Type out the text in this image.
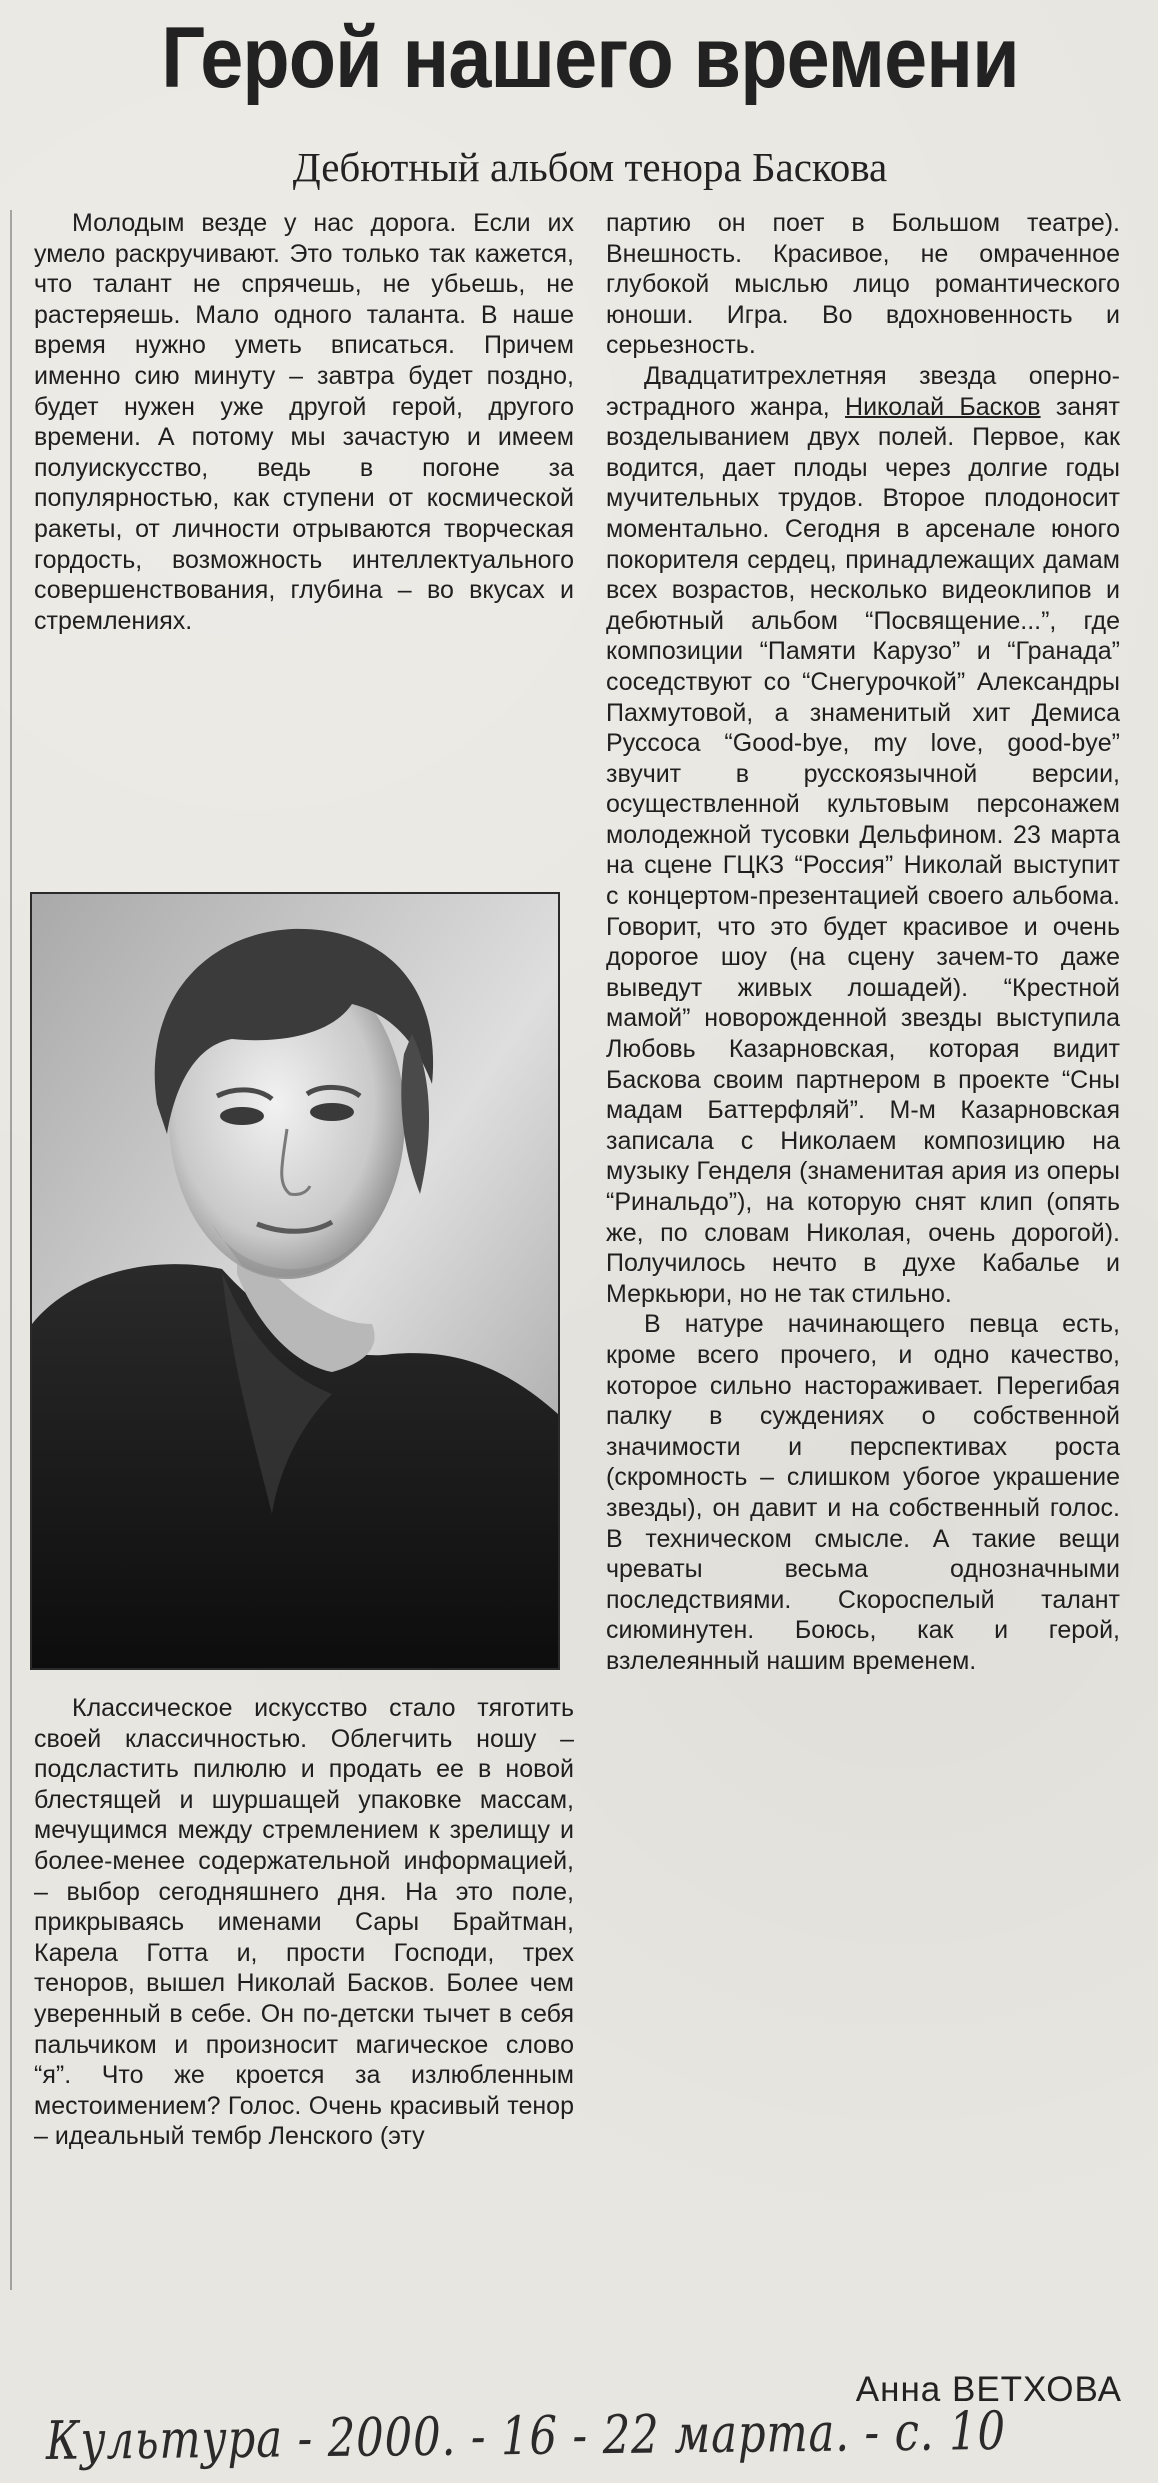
Герой нашего времени
Дебютный альбом тенора Баскова

Молодым везде у нас дорога. Если их умело раскручивают. Это только так кажется, что талант не спрячешь, не убьешь, не растеряешь. Мало одного таланта. В наше время нужно уметь вписаться. Причем именно сию минуту – завтра будет поздно, будет нужен уже другой герой, другого времени. А потому мы зачастую и имеем полуискусство, ведь в погоне за популярностью, как ступени от космической ракеты, от личности отрываются творческая гордость, возможность интеллектуального совершенствования, глубина – во вкусах и стремлениях.

Классическое искусство стало тяготить своей классичностью. Облегчить ношу – подсластить пилюлю и продать ее в новой блестящей и шуршащей упаковке массам, мечущимся между стремлением к зрелищу и более-менее содержательной информацией, – выбор сегодняшнего дня. На это поле, прикрываясь именами Сары Брайтман, Карела Готта и, прости Господи, трех теноров, вышел Николай Басков. Более чем уверенный в себе. Он по-детски тычет в себя пальчиком и произносит магическое слово “я”. Что же кроется за излюбленным местоимением? Голос. Очень красивый тенор – идеальный тембр Ленского (эту

партию он поет в Большом театре). Внешность. Красивое, не омраченное глубокой мыслью лицо романтического юноши. Игра. Во вдохновенность и серьезность.

Двадцатитрехлетняя звезда оперно-эстрадного жанра, Николай Басков занят возделыванием двух полей. Первое, как водится, дает плоды через долгие годы мучительных трудов. Второе плодоносит моментально. Сегодня в арсенале юного покорителя сердец, принадлежащих дамам всех возрастов, несколько видеоклипов и дебютный альбом “Посвящение...”, где композиции “Памяти Карузо” и “Гранада” соседствуют со “Снегурочкой” Александры Пахмутовой, а знаменитый хит Демиса Руссоса “Good-bye, my love, good-bye” звучит в русскоязычной версии, осуществленной культовым персонажем молодежной тусовки Дельфином. 23 марта на сцене ГЦКЗ “Россия” Николай выступит с концертом-презентацией своего альбома. Говорит, что это будет красивое и очень дорогое шоу (на сцену зачем-то даже выведут живых лошадей). “Крестной мамой” новорожденной звезды выступила Любовь Казарновская, которая видит Баскова своим партнером в проекте “Сны мадам Баттерфляй”. М-м Казарновская записала с Николаем композицию на музыку Генделя (знаменитая ария из оперы “Ринальдо”), на которую снят клип (опять же, по словам Николая, очень дорогой). Получилось нечто в духе Кабалье и Меркьюри, но не так стильно.

В натуре начинающего певца есть, кроме всего прочего, и одно качество, которое сильно настораживает. Перегибая палку в суждениях о собственной значимости и перспективах роста (скромность – слишком убогое украшение звезды), он давит и на собственный голос. В техническом смысле. А такие вещи чреваты весьма однозначными последствиями. Скороспелый талант сиюминутен. Боюсь, как и герой, взлелеянный нашим временем.

Анна ВЕТХОВА
Культура - 2000. - 16 - 22 марта. - с. 10
